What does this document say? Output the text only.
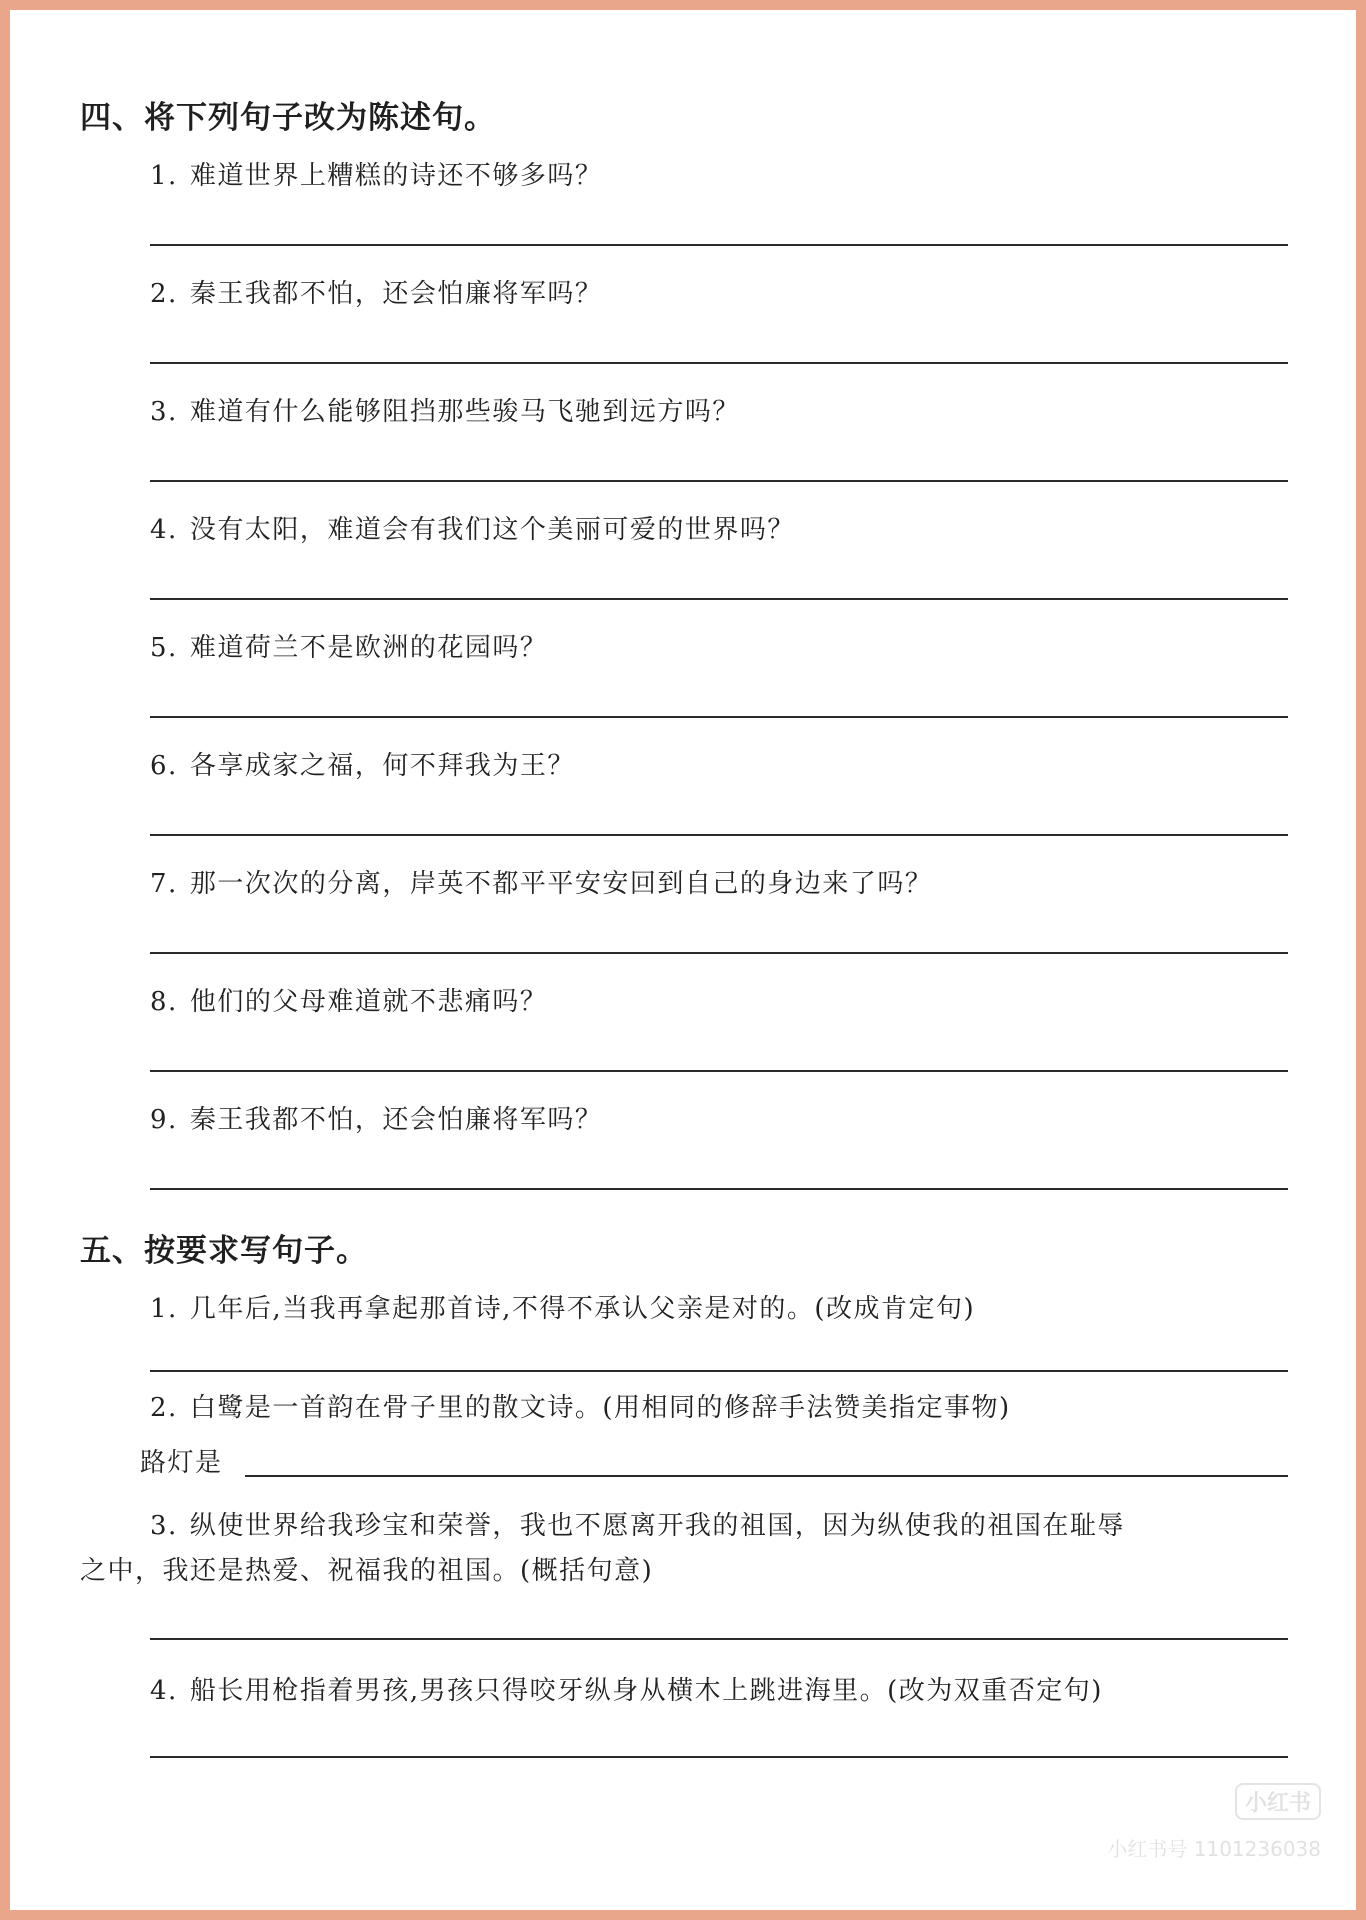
四、将下列句子改为陈述句。
1. 难道世界上糟糕的诗还不够多吗？
2. 秦王我都不怕，还会怕廉将军吗？
3. 难道有什么能够阻挡那些骏马飞驰到远方吗？
4. 没有太阳，难道会有我们这个美丽可爱的世界吗？
5. 难道荷兰不是欧洲的花园吗？
6. 各享成家之福，何不拜我为王？
7. 那一次次的分离，岸英不都平平安安回到自己的身边来了吗？
8. 他们的父母难道就不悲痛吗？
9. 秦王我都不怕，还会怕廉将军吗？
五、按要求写句子。
1. 几年后,当我再拿起那首诗,不得不承认父亲是对的。(改成肯定句)
2. 白鹭是一首韵在骨子里的散文诗。(用相同的修辞手法赞美指定事物)
路灯是
3. 纵使世界给我珍宝和荣誉，我也不愿离开我的祖国，因为纵使我的祖国在耻辱
之中，我还是热爱、祝福我的祖国。(概括句意)
4. 船长用枪指着男孩,男孩只得咬牙纵身从横木上跳进海里。(改为双重否定句)
小红书
小红书号 1101236038
